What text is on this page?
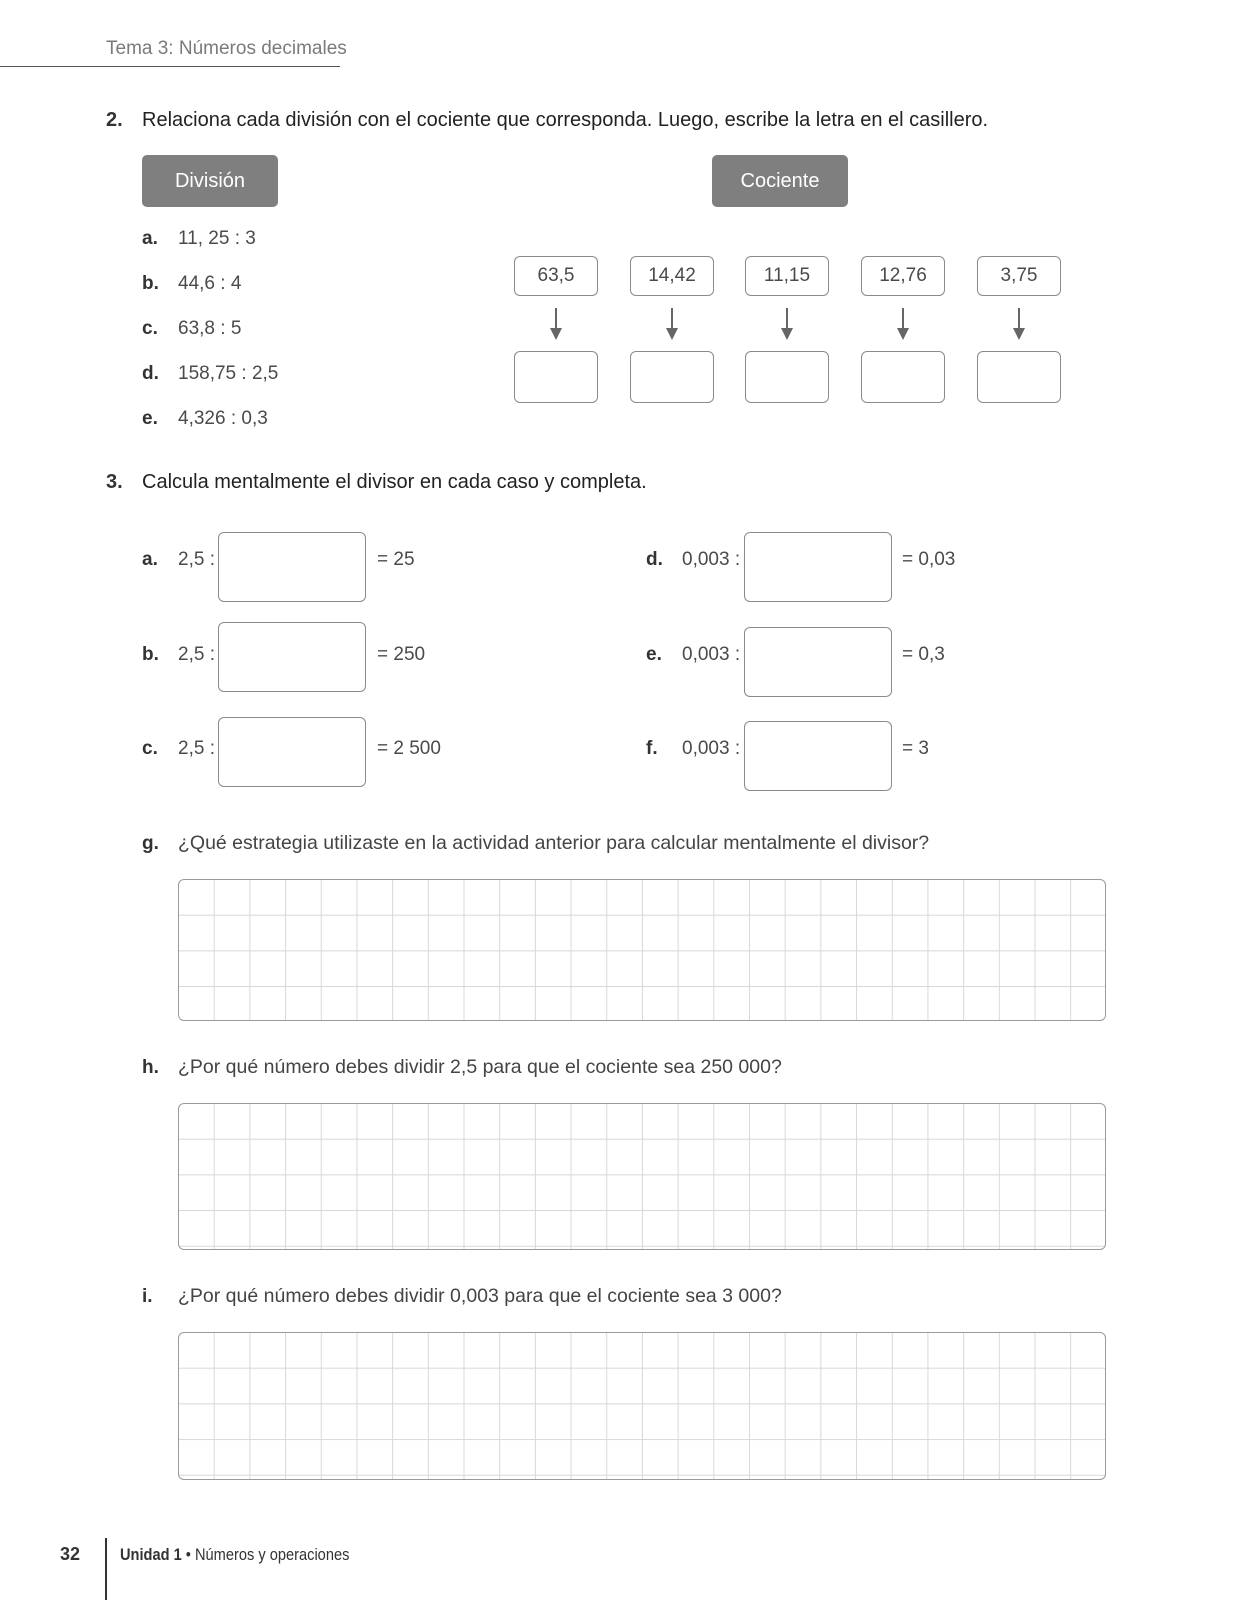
Tema 3: Números decimales
2. Relaciona cada división con el cociente que corresponda. Luego, escribe la letra en el casillero.
División	Cociente
a. 11, 25 : 3
b. 44,6 : 4
c. 63,8 : 5
d. 158,75 : 2,5
e. 4,326 : 0,3
63,5	14,42	11,15	12,76	3,75
3. Calcula mentalmente el divisor en cada caso y completa.
a. 2,5 :	= 25
b. 2,5 :	= 250
c. 2,5 :	= 2 500
d. 0,003 :	= 0,03
e. 0,003 :	= 0,3
f. 0,003 :	= 3
g. ¿Qué estrategia utilizaste en la actividad anterior para calcular mentalmente el divisor?
h. ¿Por qué número debes dividir 2,5 para que el cociente sea 250 000?
i. ¿Por qué número debes dividir 0,003 para que el cociente sea 3 000?
32 Unidad 1 • Números y operaciones
